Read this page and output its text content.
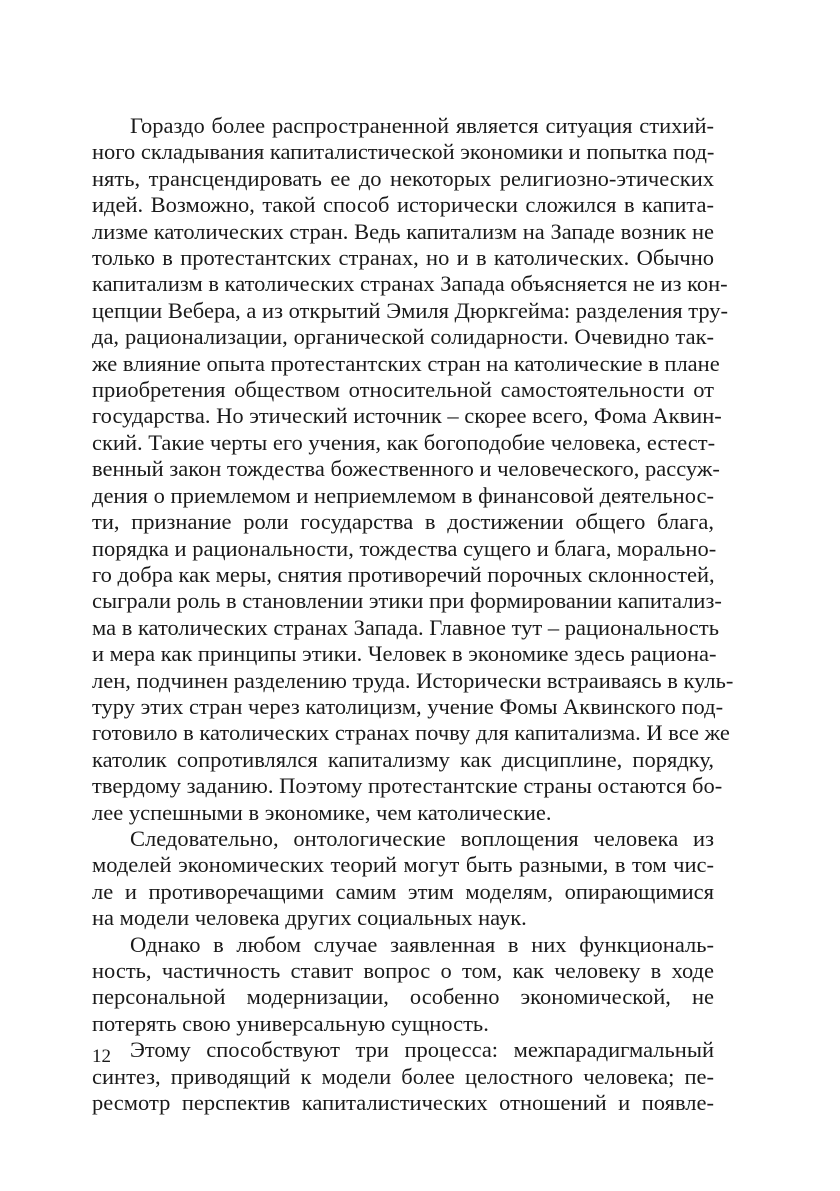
Гораздо более распространенной является ситуация стихий-
ного складывания капиталистической экономики и попытка под-
нять, трансцендировать ее до некоторых религиозно-этических
идей. Возможно, такой способ исторически сложился в капита-
лизме католических стран. Ведь капитализм на Западе возник не
только в протестантских странах, но и в католических. Обычно
капитализм в католических странах Запада объясняется не из кон-
цепции Вебера, а из открытий Эмиля Дюркгейма: разделения тру-
да, рационализации, органической солидарности. Очевидно так-
же влияние опыта протестантских стран на католические в плане
приобретения обществом относительной самостоятельности от
государства. Но этический источник – скорее всего, Фома Аквин-
ский. Такие черты его учения, как богоподобие человека, естест-
венный закон тождества божественного и человеческого, рассуж-
дения о приемлемом и неприемлемом в финансовой деятельнос-
ти, признание роли государства в достижении общего блага,
порядка и рациональности, тождества сущего и блага, морально-
го добра как меры, снятия противоречий порочных склонностей,
сыграли роль в становлении этики при формировании капитализ-
ма в католических странах Запада. Главное тут – рациональность
и мера как принципы этики. Человек в экономике здесь рациона-
лен, подчинен разделению труда. Исторически встраиваясь в куль-
туру этих стран через католицизм, учение Фомы Аквинского под-
готовило в католических странах почву для капитализма. И все же
католик сопротивлялся капитализму как дисциплине, порядку,
твердому заданию. Поэтому протестантские страны остаются бо-
лее успешными в экономике, чем католические.

Следовательно, онтологические воплощения человека из
моделей экономических теорий могут быть разными, в том чис-
ле и противоречащими самим этим моделям, опирающимися
на модели человека других социальных наук.

Однако в любом случае заявленная в них функциональ-
ность, частичность ставит вопрос о том, как человеку в ходе
персональной модернизации, особенно экономической, не
потерять свою универсальную сущность.

Этому способствуют три процесса: межпарадигмальный
синтез, приводящий к модели более целостного человека; пе-
ресмотр перспектив капиталистических отношений и появле-

12
